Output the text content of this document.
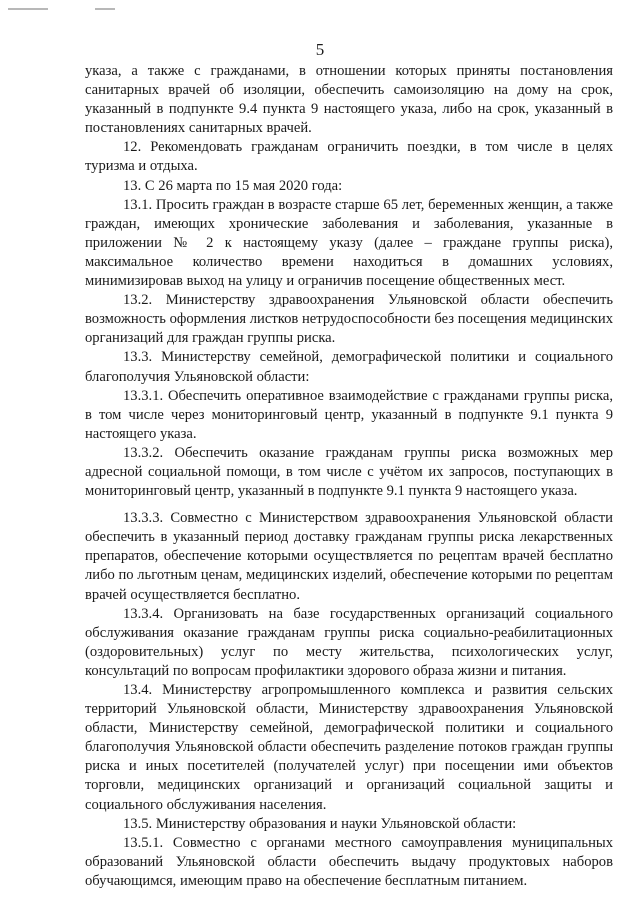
5

указа, а также с гражданами, в отношении которых приняты постановления санитарных врачей об изоляции, обеспечить самоизоляцию на дому на срок, указанный в подпункте 9.4 пункта 9 настоящего указа, либо на срок, указанный в постановлениях санитарных врачей.

12. Рекомендовать гражданам ограничить поездки, в том числе в целях туризма и отдыха.

13. С 26 марта по 15 мая 2020 года:

13.1. Просить граждан в возрасте старше 65 лет, беременных женщин, а также граждан, имеющих хронические заболевания и заболевания, указанные в приложении № 2 к настоящему указу (далее – граждане группы риска), максимальное количество времени находиться в домашних условиях, минимизировав выход на улицу и ограничив посещение общественных мест.

13.2. Министерству здравоохранения Ульяновской области обеспечить возможность оформления листков нетрудоспособности без посещения медицинских организаций для граждан группы риска.

13.3. Министерству семейной, демографической политики и социального благополучия Ульяновской области:

13.3.1. Обеспечить оперативное взаимодействие с гражданами группы риска, в том числе через мониторинговый центр, указанный в подпункте 9.1 пункта 9 настоящего указа.

13.3.2. Обеспечить оказание гражданам группы риска возможных мер адресной социальной помощи, в том числе с учётом их запросов, поступающих в мониторинговый центр, указанный в подпункте 9.1 пункта 9 настоящего указа.

13.3.3. Совместно с Министерством здравоохранения Ульяновской области обеспечить в указанный период доставку гражданам группы риска лекарственных препаратов, обеспечение которыми осуществляется по рецептам врачей бесплатно либо по льготным ценам, медицинских изделий, обеспечение которыми по рецептам врачей осуществляется бесплатно.

13.3.4. Организовать на базе государственных организаций социального обслуживания оказание гражданам группы риска социально-реабилитационных (оздоровительных) услуг по месту жительства, психологических услуг, консультаций по вопросам профилактики здорового образа жизни и питания.

13.4. Министерству агропромышленного комплекса и развития сельских территорий Ульяновской области, Министерству здравоохранения Ульяновской области, Министерству семейной, демографической политики и социального благополучия Ульяновской области обеспечить разделение потоков граждан группы риска и иных посетителей (получателей услуг) при посещении ими объектов торговли, медицинских организаций и организаций социальной защиты и социального обслуживания населения.

13.5. Министерству образования и науки Ульяновской области:

13.5.1. Совместно с органами местного самоуправления муниципальных образований Ульяновской области обеспечить выдачу продуктовых наборов обучающимся, имеющим право на обеспечение бесплатным питанием.
